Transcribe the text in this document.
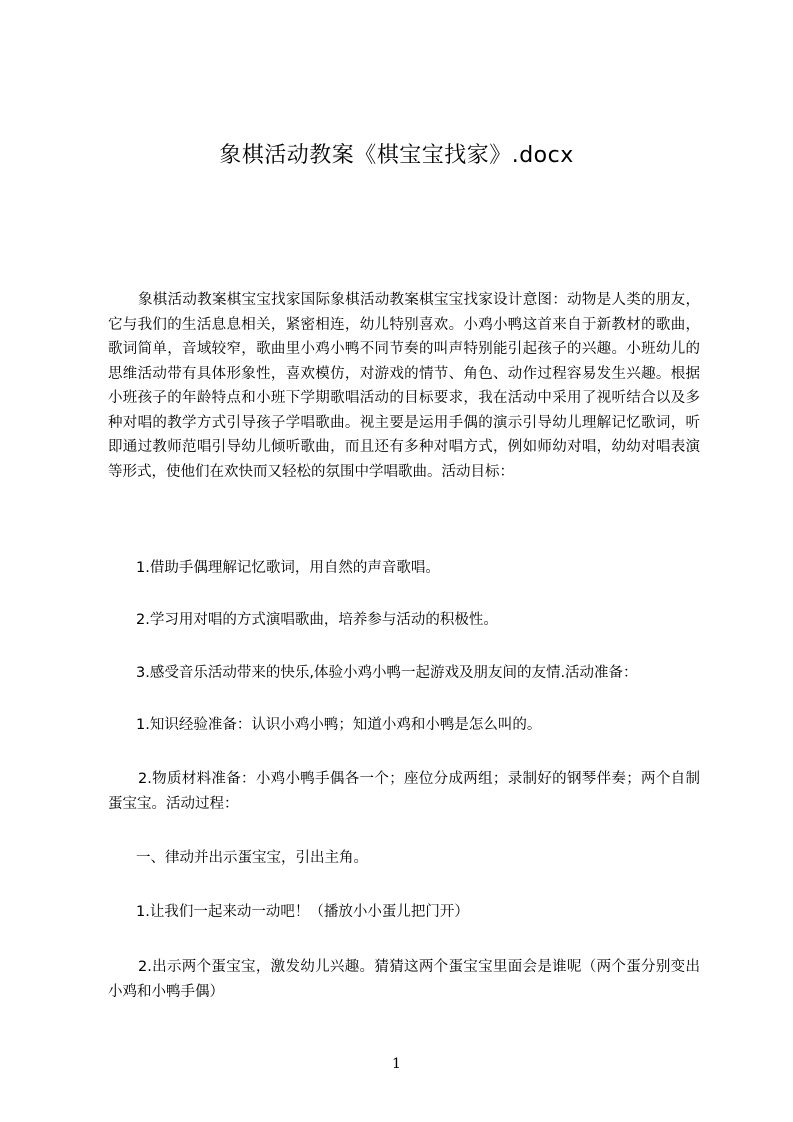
象棋活动教案《棋宝宝找家》.docx

象棋活动教案棋宝宝找家国际象棋活动教案棋宝宝找家设计意图：动物是人类的朋友，它与我们的生活息息相关，紧密相连，幼儿特别喜欢。小鸡小鸭这首来自于新教材的歌曲，歌词简单，音域较窄，歌曲里小鸡小鸭不同节奏的叫声特别能引起孩子的兴趣。小班幼儿的思维活动带有具体形象性，喜欢模仿，对游戏的情节、角色、动作过程容易发生兴趣。根据小班孩子的年龄特点和小班下学期歌唱活动的目标要求，我在活动中采用了视听结合以及多种对唱的教学方式引导孩子学唱歌曲。视主要是运用手偶的演示引导幼儿理解记忆歌词，听即通过教师范唱引导幼儿倾听歌曲，而且还有多种对唱方式，例如师幼对唱，幼幼对唱表演等形式，使他们在欢快而又轻松的氛围中学唱歌曲。活动目标：

1.借助手偶理解记忆歌词，用自然的声音歌唱。

2.学习用对唱的方式演唱歌曲，培养参与活动的积极性。

3.感受音乐活动带来的快乐,体验小鸡小鸭一起游戏及朋友间的友情.活动准备：

1.知识经验准备：认识小鸡小鸭；知道小鸡和小鸭是怎么叫的。

2.物质材料准备：小鸡小鸭手偶各一个；座位分成两组；录制好的钢琴伴奏；两个自制蛋宝宝。活动过程：

一、律动并出示蛋宝宝，引出主角。

1.让我们一起来动一动吧！（播放小小蛋儿把门开）

2.出示两个蛋宝宝，激发幼儿兴趣。猜猜这两个蛋宝宝里面会是谁呢（两个蛋分别变出小鸡和小鸭手偶）

1
